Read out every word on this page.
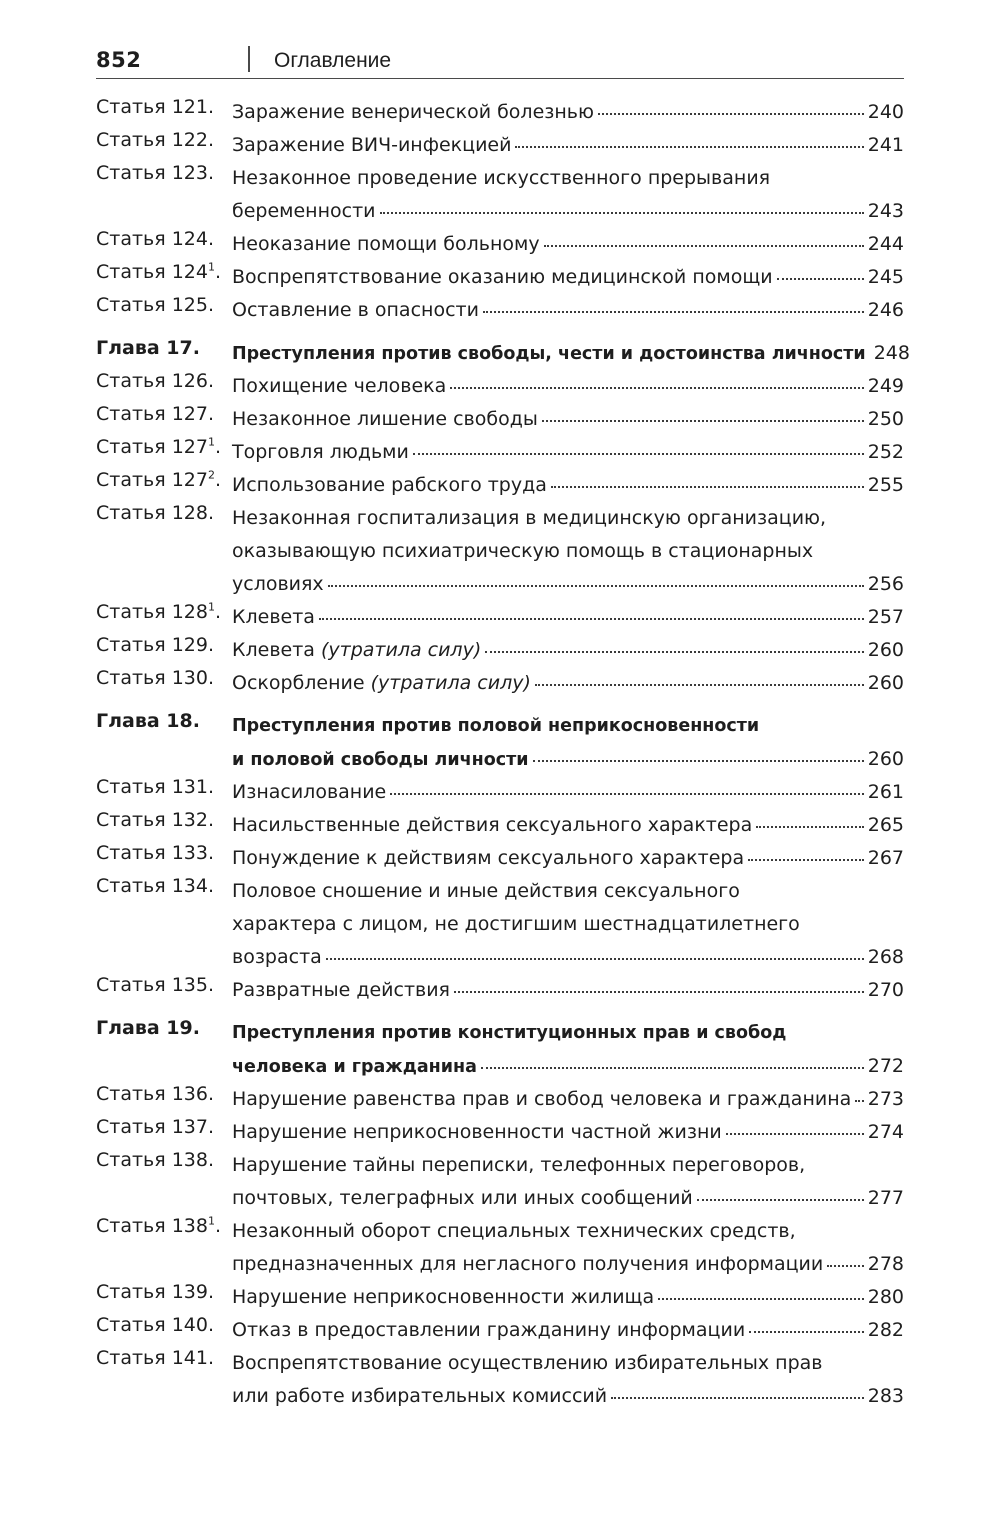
852	Оглавление
Статья 121. Заражение венерической болезнью	240
Статья 122. Заражение ВИЧ-инфекцией	241
Статья 123. Незаконное проведение искусственного прерывания
беременности	243
Статья 124. Неоказание помощи больному	244
Статья $124^1$. Воспрепятствование оказанию медицинской помощи	245
Статья 125. Оставление в опасности	246
Глава 17. Преступления против свободы, чести и достоинства личности 248
Статья 126. Похищение человека	249
Статья 127. Незаконное лишение свободы	250
Статья $127^1$. Торговля людьми	252
Статья $127^2$. Использование рабского труда	255
Статья 128. Незаконная госпитализация в медицинскую организацию,
оказывающую психиатрическую помощь в стационарных
условиях	256
Статья $128^1$. Клевета	257
Статья 129. Клевета (утратила силу)	260
Статья 130. Оскорбление (утратила силу)	260
Глава 18. Преступления против половой неприкосновенности
и половой свободы личности	260
Статья 131. Изнасилование	261
Статья 132. Насильственные действия сексуального характера	265
Статья 133. Понуждение к действиям сексуального характера	267
Статья 134. Половое сношение и иные действия сексуального
характера с лицом, не достигшим шестнадцатилетнего
возраста	268
Статья 135. Развратные действия	270
Глава 19. Преступления против конституционных прав и свобод
человека и гражданина	272
Статья 136. Нарушение равенства прав и свобод человека и гражданина 273
Статья 137. Нарушение неприкосновенности частной жизни	274
Статья 138. Нарушение тайны переписки, телефонных переговоров,
почтовых, телеграфных или иных сообщений	277
Статья $138^1$. Незаконный оборот специальных технических средств,
предназначенных для негласного получения информации 278
Статья 139. Нарушение неприкосновенности жилища	280
Статья 140. Отказ в предоставлении гражданину информации	282
Статья 141. Воспрепятствование осуществлению избирательных прав
или работе избирательных комиссий	283
